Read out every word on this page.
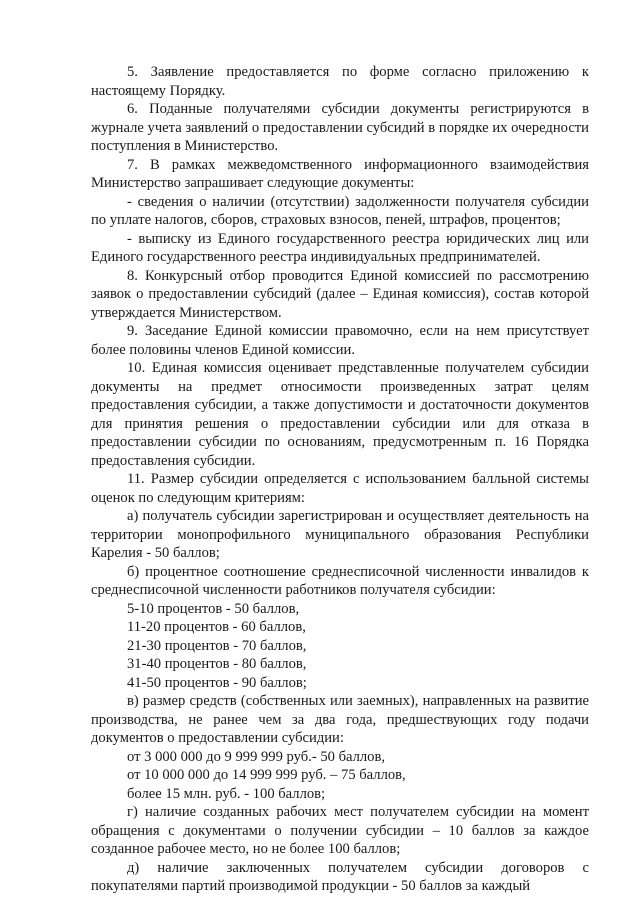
5. Заявление предоставляется по форме согласно приложению к настоящему Порядку.

6. Поданные получателями субсидии документы регистрируются в журнале учета заявлений о предоставлении субсидий в порядке их очередности поступления в Министерство.

7. В рамках межведомственного информационного взаимодействия Министерство запрашивает следующие документы:

- сведения о наличии (отсутствии) задолженности получателя субсидии по уплате налогов, сборов, страховых взносов, пеней, штрафов, процентов;

- выписку из Единого государственного реестра юридических лиц или Единого государственного реестра индивидуальных предпринимателей.

8. Конкурсный отбор проводится Единой комиссией по рассмотрению заявок о предоставлении субсидий (далее – Единая комиссия), состав которой утверждается Министерством.

9. Заседание Единой комиссии правомочно, если на нем присутствует более половины членов Единой комиссии.

10. Единая комиссия оценивает представленные получателем субсидии документы на предмет относимости произведенных затрат целям предоставления субсидии, а также допустимости и достаточности документов для принятия решения о предоставлении субсидии или для отказа в предоставлении субсидии по основаниям, предусмотренным п. 16 Порядка предоставления субсидии.

11. Размер субсидии определяется с использованием балльной системы оценок по следующим критериям:

а) получатель субсидии зарегистрирован и осуществляет деятельность на территории монопрофильного муниципального образования Республики Карелия - 50 баллов;

б) процентное соотношение среднесписочной численности инвалидов к среднесписочной численности работников получателя субсидии:

5-10 процентов - 50 баллов,

11-20 процентов - 60 баллов,

21-30 процентов - 70 баллов,

31-40 процентов - 80 баллов,

41-50 процентов - 90 баллов;

в) размер средств (собственных или заемных), направленных на развитие производства, не ранее чем за два года, предшествующих году подачи документов о предоставлении субсидии:

от 3 000 000 до 9 999 999 руб.- 50 баллов,

от 10 000 000 до 14 999 999 руб. – 75 баллов,

более 15 млн. руб. - 100 баллов;

г) наличие созданных рабочих мест получателем субсидии на момент обращения с документами о получении субсидии – 10 баллов за каждое созданное рабочее место, но не более 100 баллов;

д) наличие заключенных получателем субсидии договоров с покупателями партий производимой продукции - 50 баллов за каждый
